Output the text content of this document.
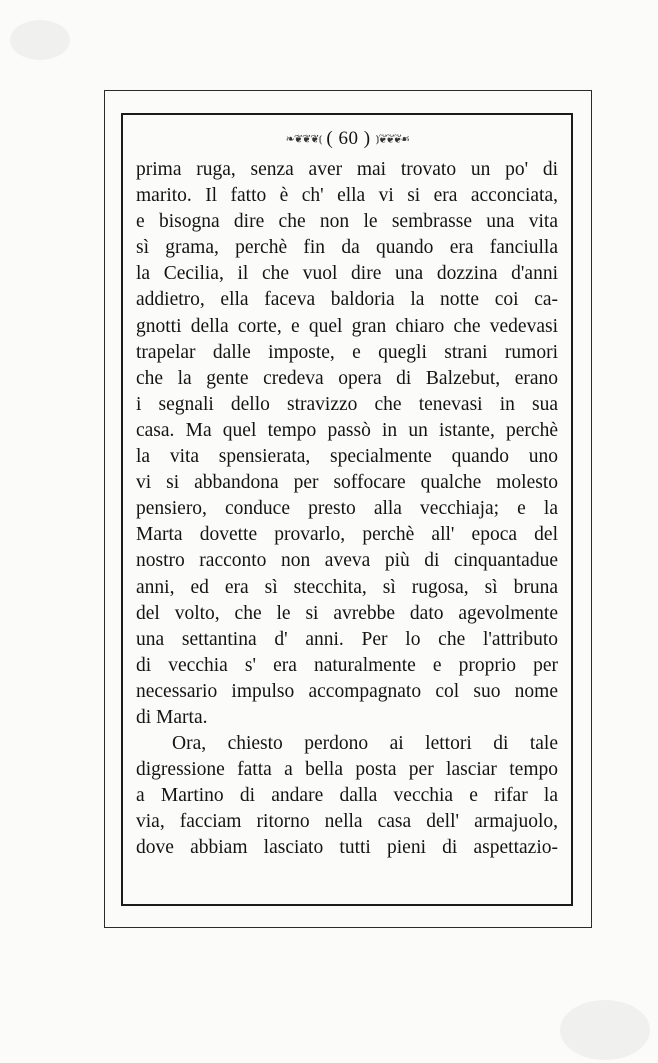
❧❦❦❦⦅ ( 60 ) ⦆❦❦❦☙
prima ruga, senza aver mai trovato un po' di
marito. Il fatto è ch' ella vi si era acconciata,
e bisogna dire che non le sembrasse una vita
sì grama, perchè fin da quando era fanciulla
la Cecilia, il che vuol dire una dozzina d'anni
addietro, ella faceva baldoria la notte coi ca-
gnotti della corte, e quel gran chiaro che vedevasi
trapelar dalle imposte, e quegli strani rumori
che la gente credeva opera di Balzebut, erano
i segnali dello stravizzo che tenevasi in sua
casa. Ma quel tempo passò in un istante, perchè
la vita spensierata, specialmente quando uno
vi si abbandona per soffocare qualche molesto
pensiero, conduce presto alla vecchiaja; e la
Marta dovette provarlo, perchè all' epoca del
nostro racconto non aveva più di cinquantadue
anni, ed era sì stecchita, sì rugosa, sì bruna
del volto, che le si avrebbe dato agevolmente
una settantina d' anni. Per lo che l'attributo
di vecchia s' era naturalmente e proprio per
necessario impulso accompagnato col suo nome
di Marta.
Ora, chiesto perdono ai lettori di tale
digressione fatta a bella posta per lasciar tempo
a Martino di andare dalla vecchia e rifar la
via, facciam ritorno nella casa dell' armajuolo,
dove abbiam lasciato tutti pieni di aspettazio-
